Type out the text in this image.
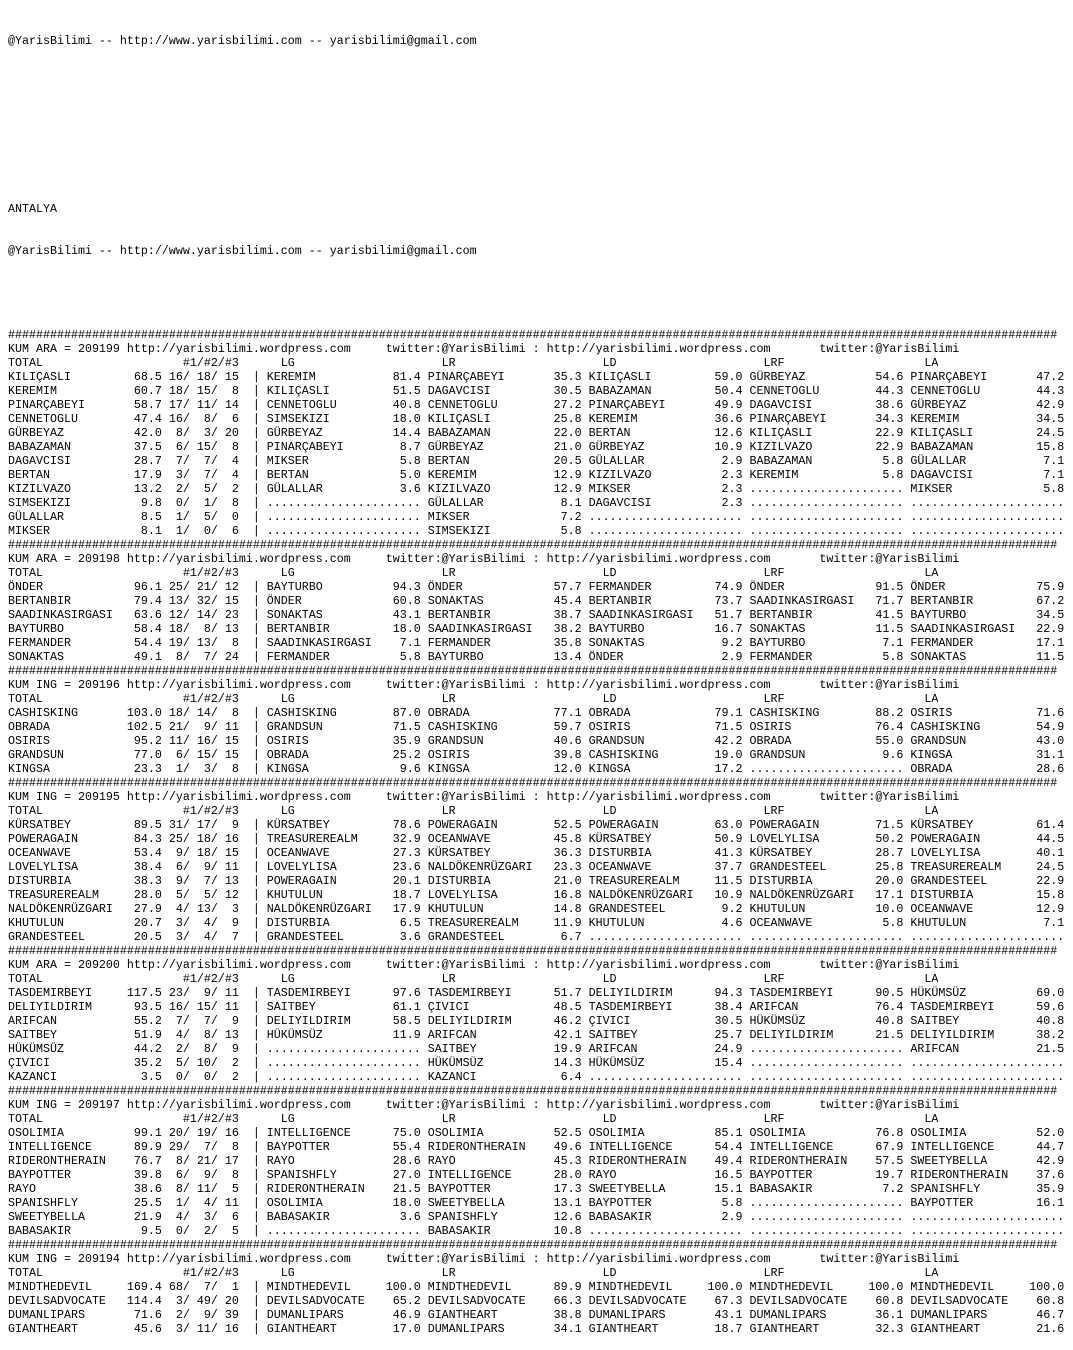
@YarisBilimi -- http://www.yarisbilimi.com -- yarisbilimi@gmail.com

ANTALYA

@YarisBilimi -- http://www.yarisbilimi.com -- yarisbilimi@gmail.com

######################################################################################################################################################
KUM ARA = 209199 http://yarisbilimi.wordpress.com     twitter:@YarisBilimi : http://yarisbilimi.wordpress.com       twitter:@YarisBilimi
TOTAL                    #1/#2/#3      LG                     LR                     LD                     LRF                    LA
KILIÇASLI         68.5 16/ 18/ 15  | KEREMIM           81.4 PINARÇABEYI       35.3 KILIÇASLI         59.0 GÜRBEYAZ          54.6 PINARÇABEYI       47.2
KEREMIM           60.7 18/ 15/  8  | KILIÇASLI         51.5 DAGAVCISI         30.5 BABAZAMAN         50.4 CENNETOGLU        44.3 CENNETOGLU        44.3
PINARÇABEYI       58.7 17/ 11/ 14  | CENNETOGLU        40.8 CENNETOGLU        27.2 PINARÇABEYI       49.9 DAGAVCISI         38.6 GÜRBEYAZ          42.9
CENNETOGLU        47.4 16/  8/  6  | SIMSEKIZI         18.0 KILIÇASLI         25.8 KEREMIM           36.6 PINARÇABEYI       34.3 KEREMIM           34.5
GÜRBEYAZ          42.0  8/  3/ 20  | GÜRBEYAZ          14.4 BABAZAMAN         22.0 BERTAN            12.6 KILIÇASLI         22.9 KILIÇASLI         24.5
BABAZAMAN         37.5  6/ 15/  8  | PINARÇABEYI        8.7 GÜRBEYAZ          21.0 GÜRBEYAZ          10.9 KIZILVAZO         22.9 BABAZAMAN         15.8
DAGAVCISI         28.7  7/  7/  4  | MIKSER             5.8 BERTAN            20.5 GÜLALLAR           2.9 BABAZAMAN          5.8 GÜLALLAR           7.1
BERTAN            17.9  3/  7/  4  | BERTAN             5.0 KEREMIM           12.9 KIZILVAZO          2.3 KEREMIM            5.8 DAGAVCISI          7.1
KIZILVAZO         13.2  2/  5/  2  | GÜLALLAR           3.6 KIZILVAZO         12.9 MIKSER             2.3 ...................... MIKSER             5.8
SIMSEKIZI          9.8  0/  1/  8  | ...................... GÜLALLAR           8.1 DAGAVCISI          2.3 ...................... ......................
GÜLALLAR           8.5  1/  5/  0  | ...................... MIKSER             7.2 ...................... ...................... ......................
MIKSER             8.1  1/  0/  6  | ...................... SIMSEKIZI          5.8 ...................... ...................... ......................
######################################################################################################################################################
KUM ARA = 209198 http://yarisbilimi.wordpress.com     twitter:@YarisBilimi : http://yarisbilimi.wordpress.com       twitter:@YarisBilimi
TOTAL                    #1/#2/#3      LG                     LR                     LD                     LRF                    LA
ÖNDER             96.1 25/ 21/ 12  | BAYTURBO          94.3 ÖNDER             57.7 FERMANDER         74.9 ÖNDER             91.5 ÖNDER             75.9
BERTANBIR         79.4 13/ 32/ 15  | ÖNDER             60.8 SONAKTAS          45.4 BERTANBIR         73.7 SAADINKASIRGASI   71.7 BERTANBIR         67.2
SAADINKASIRGASI   63.6 12/ 14/ 23  | SONAKTAS          43.1 BERTANBIR         38.7 SAADINKASIRGASI   51.7 BERTANBIR         41.5 BAYTURBO          34.5
BAYTURBO          58.4 18/  8/ 13  | BERTANBIR         18.0 SAADINKASIRGASI   38.2 BAYTURBO          16.7 SONAKTAS          11.5 SAADINKASIRGASI   22.9
FERMANDER         54.4 19/ 13/  8  | SAADINKASIRGASI    7.1 FERMANDER         35.8 SONAKTAS           9.2 BAYTURBO           7.1 FERMANDER         17.1
SONAKTAS          49.1  8/  7/ 24  | FERMANDER          5.8 BAYTURBO          13.4 ÖNDER              2.9 FERMANDER          5.8 SONAKTAS          11.5
######################################################################################################################################################
KUM ING = 209196 http://yarisbilimi.wordpress.com     twitter:@YarisBilimi : http://yarisbilimi.wordpress.com       twitter:@YarisBilimi
TOTAL                    #1/#2/#3      LG                     LR                     LD                     LRF                    LA
CASHISKING       103.0 18/ 14/  8  | CASHISKING        87.0 OBRADA            77.1 OBRADA            79.1 CASHISKING        88.2 OSIRIS            71.6
OBRADA           102.5 21/  9/ 11  | GRANDSUN          71.5 CASHISKING        59.7 OSIRIS            71.5 OSIRIS            76.4 CASHISKING        54.9
OSIRIS            95.2 11/ 16/ 15  | OSIRIS            35.9 GRANDSUN          40.6 GRANDSUN          42.2 OBRADA            55.0 GRANDSUN          43.0
GRANDSUN          77.0  6/ 15/ 15  | OBRADA            25.2 OSIRIS            39.8 CASHISKING        19.0 GRANDSUN           9.6 KINGSA            31.1
KINGSA            23.3  1/  3/  8  | KINGSA             9.6 KINGSA            12.0 KINGSA            17.2 ...................... OBRADA            28.6
######################################################################################################################################################
KUM ING = 209195 http://yarisbilimi.wordpress.com     twitter:@YarisBilimi : http://yarisbilimi.wordpress.com       twitter:@YarisBilimi
TOTAL                    #1/#2/#3      LG                     LR                     LD                     LRF                    LA
KÜRSATBEY         89.5 31/ 17/  9  | KÜRSATBEY         78.6 POWERAGAIN        52.5 POWERAGAIN        63.0 POWERAGAIN        71.5 KÜRSATBEY         61.4
POWERAGAIN        84.3 25/ 18/ 16  | TREASUREREALM     32.9 OCEANWAVE         45.8 KÜRSATBEY         50.9 LOVELYLISA        50.2 POWERAGAIN        44.5
OCEANWAVE         53.4  9/ 18/ 15  | OCEANWAVE         27.3 KÜRSATBEY         36.3 DISTURBIA         41.3 KÜRSATBEY         28.7 LOVELYLISA        40.1
LOVELYLISA        38.4  6/  9/ 11  | LOVELYLISA        23.6 NALDÖKENRÜZGARI   23.3 OCEANWAVE         37.7 GRANDESTEEL       25.8 TREASUREREALM     24.5
DISTURBIA         38.3  9/  7/ 13  | POWERAGAIN        20.1 DISTURBIA         21.0 TREASUREREALM     11.5 DISTURBIA         20.0 GRANDESTEEL       22.9
TREASUREREALM     28.0  5/  5/ 12  | KHUTULUN          18.7 LOVELYLISA        16.8 NALDÖKENRÜZGARI   10.9 NALDÖKENRÜZGARI   17.1 DISTURBIA         15.8
NALDÖKENRÜZGARI   27.9  4/ 13/  3  | NALDÖKENRÜZGARI   17.9 KHUTULUN          14.8 GRANDESTEEL        9.2 KHUTULUN          10.0 OCEANWAVE         12.9
KHUTULUN          20.7  3/  4/  9  | DISTURBIA          6.5 TREASUREREALM     11.9 KHUTULUN           4.6 OCEANWAVE          5.8 KHUTULUN           7.1
GRANDESTEEL       20.5  3/  4/  7  | GRANDESTEEL        3.6 GRANDESTEEL        6.7 ...................... ...................... ......................
######################################################################################################################################################
KUM ARA = 209200 http://yarisbilimi.wordpress.com     twitter:@YarisBilimi : http://yarisbilimi.wordpress.com       twitter:@YarisBilimi
TOTAL                    #1/#2/#3      LG                     LR                     LD                     LRF                    LA
TASDEMIRBEYI     117.5 23/  9/ 11  | TASDEMIRBEYI      97.6 TASDEMIRBEYI      51.7 DELIYILDIRIM      94.3 TASDEMIRBEYI      90.5 HÜKÜMSÜZ          69.0
DELIYILDIRIM      93.5 16/ 15/ 11  | SAITBEY           61.1 ÇIVICI            48.5 TASDEMIRBEYI      38.4 ARIFCAN           76.4 TASDEMIRBEYI      59.6
ARIFCAN           55.2  7/  7/  9  | DELIYILDIRIM      58.5 DELIYILDIRIM      46.2 ÇIVICI            30.5 HÜKÜMSÜZ          40.8 SAITBEY           40.8
SAITBEY           51.9  4/  8/ 13  | HÜKÜMSÜZ          11.9 ARIFCAN           42.1 SAITBEY           25.7 DELIYILDIRIM      21.5 DELIYILDIRIM      38.2
HÜKÜMSÜZ          44.2  2/  8/  9  | ...................... SAITBEY           19.9 ARIFCAN           24.9 ...................... ARIFCAN           21.5
ÇIVICI            35.2  5/ 10/  2  | ...................... HÜKÜMSÜZ          14.3 HÜKÜMSÜZ          15.4 ...................... ......................
KAZANCI            3.5  0/  0/  2  | ...................... KAZANCI            6.4 ...................... ...................... ......................
######################################################################################################################################################
KUM ING = 209197 http://yarisbilimi.wordpress.com     twitter:@YarisBilimi : http://yarisbilimi.wordpress.com       twitter:@YarisBilimi
TOTAL                    #1/#2/#3      LG                     LR                     LD                     LRF                    LA
OSOLIMIA          99.1 20/ 19/ 16  | INTELLIGENCE      75.0 OSOLIMIA          52.5 OSOLIMIA          85.1 OSOLIMIA          76.8 OSOLIMIA          52.0
INTELLIGENCE      89.9 29/  7/  8  | BAYPOTTER         55.4 RIDERONTHERAIN    49.6 INTELLIGENCE      54.4 INTELLIGENCE      67.9 INTELLIGENCE      44.7
RIDERONTHERAIN    76.7  8/ 21/ 17  | RAYO              28.6 RAYO              45.3 RIDERONTHERAIN    49.4 RIDERONTHERAIN    57.5 SWEETYBELLA       42.9
BAYPOTTER         39.8  6/  9/  8  | SPANISHFLY        27.0 INTELLIGENCE      28.0 RAYO              16.5 BAYPOTTER         19.7 RIDERONTHERAIN    37.6
RAYO              38.6  8/ 11/  5  | RIDERONTHERAIN    21.5 BAYPOTTER         17.3 SWEETYBELLA       15.1 BABASAKIR          7.2 SPANISHFLY        35.9
SPANISHFLY        25.5  1/  4/ 11  | OSOLIMIA          18.0 SWEETYBELLA       13.1 BAYPOTTER          5.8 ...................... BAYPOTTER         16.1
SWEETYBELLA       21.9  4/  3/  6  | BABASAKIR          3.6 SPANISHFLY        12.6 BABASAKIR          2.9 ...................... ......................
BABASAKIR          9.5  0/  2/  5  | ...................... BABASAKIR         10.8 ...................... ...................... ......................
######################################################################################################################################################
KUM ING = 209194 http://yarisbilimi.wordpress.com     twitter:@YarisBilimi : http://yarisbilimi.wordpress.com       twitter:@YarisBilimi
TOTAL                    #1/#2/#3      LG                     LR                     LD                     LRF                    LA
MINDTHEDEVIL     169.4 68/  7/  1  | MINDTHEDEVIL     100.0 MINDTHEDEVIL      89.9 MINDTHEDEVIL     100.0 MINDTHEDEVIL     100.0 MINDTHEDEVIL     100.0
DEVILSADVOCATE   114.4  3/ 49/ 20  | DEVILSADVOCATE    65.2 DEVILSADVOCATE    66.3 DEVILSADVOCATE    67.3 DEVILSADVOCATE    60.8 DEVILSADVOCATE    60.8
DUMANLIPARS       71.6  2/  9/ 39  | DUMANLIPARS       46.9 GIANTHEART        38.8 DUMANLIPARS       43.1 DUMANLIPARS       36.1 DUMANLIPARS       46.7
GIANTHEART        45.6  3/ 11/ 16  | GIANTHEART        17.0 DUMANLIPARS       34.1 GIANTHEART        18.7 GIANTHEART        32.3 GIANTHEART        21.6
